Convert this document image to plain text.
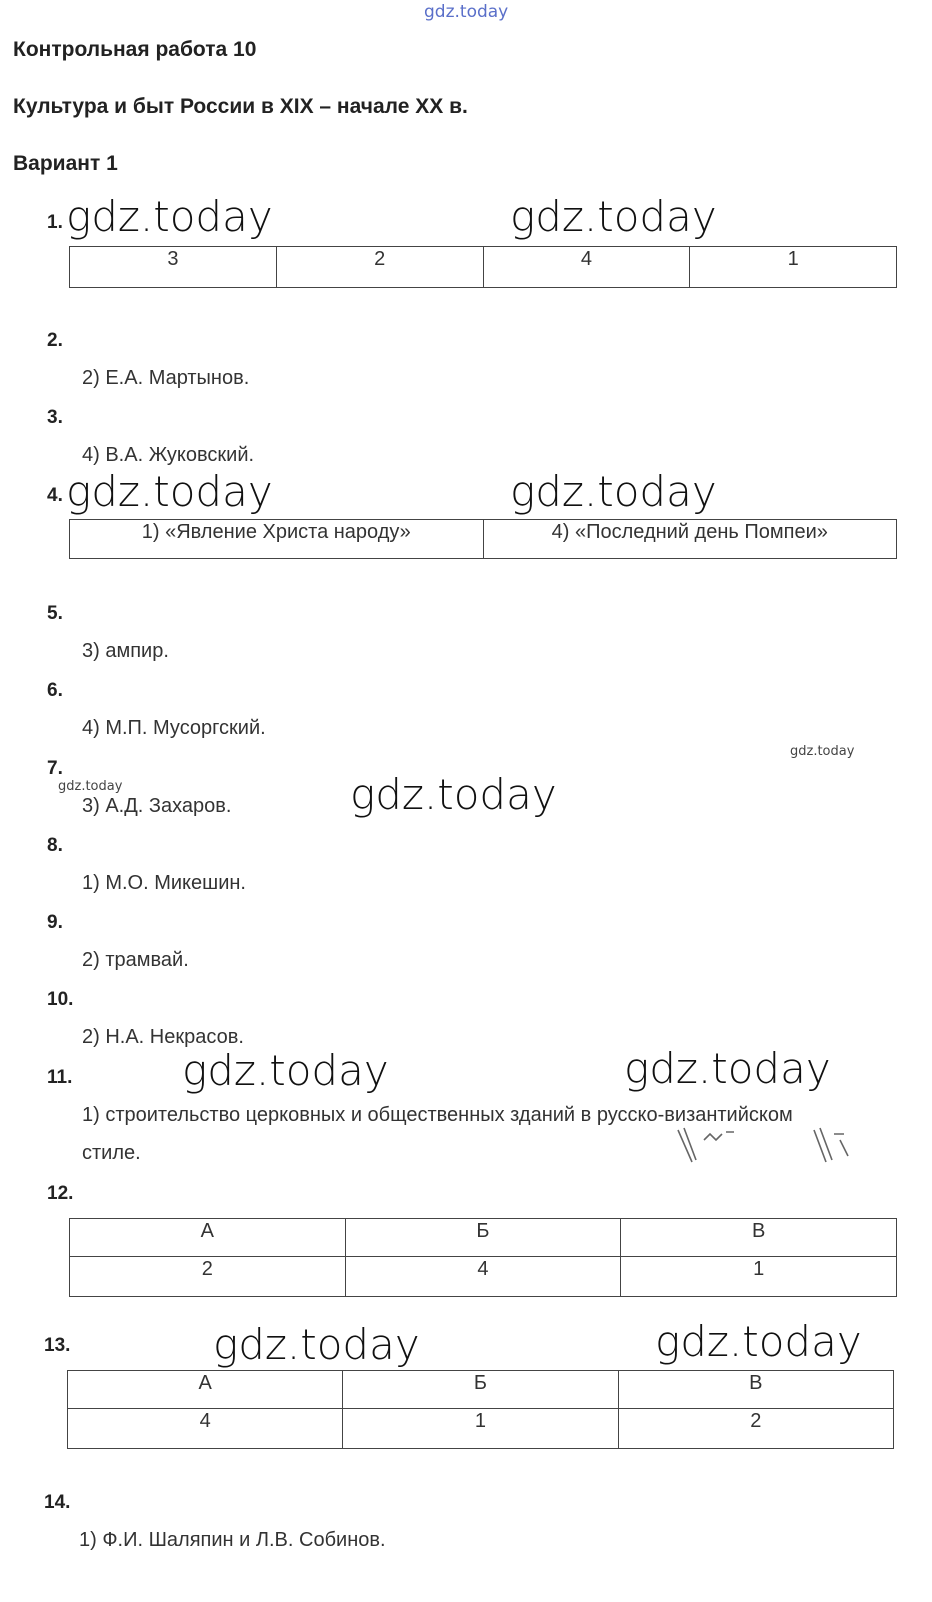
gdz.today
Контрольная работа 10
Культура и быт России в XIX – начале XX в.
Вариант 1
1. gdz.today	gdz.today
3	2	4	1
2.
2) Е.А. Мартынов.
3.
4) В.А. Жуковский.
4. gdz.today	gdz.today
1) «Явление Христа народу»	4) «Последний день Помпеи»
5.
3) ампир.
6.
4) М.П. Мусоргский.
gdz.today
7.
gdz.today	gdz.today
3) А.Д. Захаров.
8.
1) М.О. Микешин.
9.
2) трамвай.
10.
2) Н.А. Некрасов.
11.	gdz.today	gdz.today
1) строительство церковных и общественных зданий в русско-византийском
стиле.
12.
А	Б	В
2	4	1
13.	gdz.today	gdz.today
А	Б	В
4	1	2
14.
1) Ф.И. Шаляпин и Л.В. Собинов.
